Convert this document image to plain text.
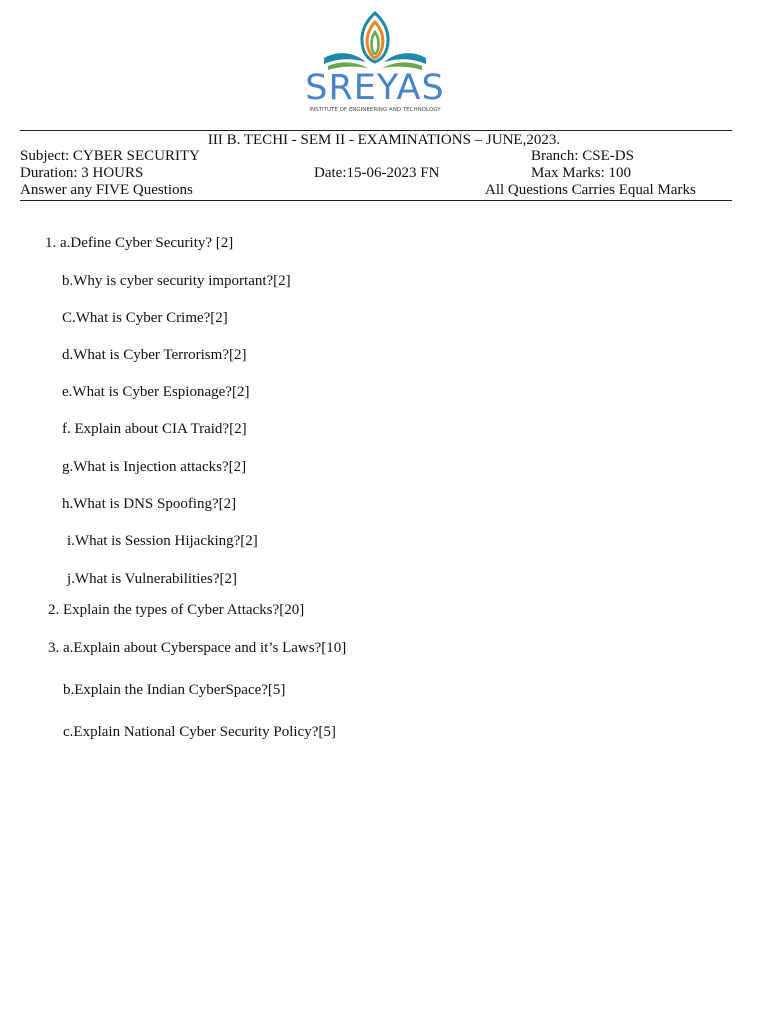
SREYAS
INSTITUTE OF ENGINEERING AND TECHNOLOGY
III B. TECHI - SEM II - EXAMINATIONS – JUNE,2023.
Subject: CYBER SECURITY	Branch: CSE-DS
Duration: 3 HOURS	Date:15-06-2023 FN	Max Marks: 100
Answer any FIVE Questions	All Questions Carries Equal Marks
1. a.Define Cyber Security? [2]
b.Why is cyber security important?[2]
C.What is Cyber Crime?[2]
d.What is Cyber Terrorism?[2]
e.What is Cyber Espionage?[2]
f. Explain about CIA Traid?[2]
g.What is Injection attacks?[2]
h.What is DNS Spoofing?[2]
i.What is Session Hijacking?[2]
j.What is Vulnerabilities?[2]
2. Explain the types of Cyber Attacks?[20]
3. a.Explain about Cyberspace and it’s Laws?[10]
b.Explain the Indian CyberSpace?[5]
c.Explain National Cyber Security Policy?[5]
